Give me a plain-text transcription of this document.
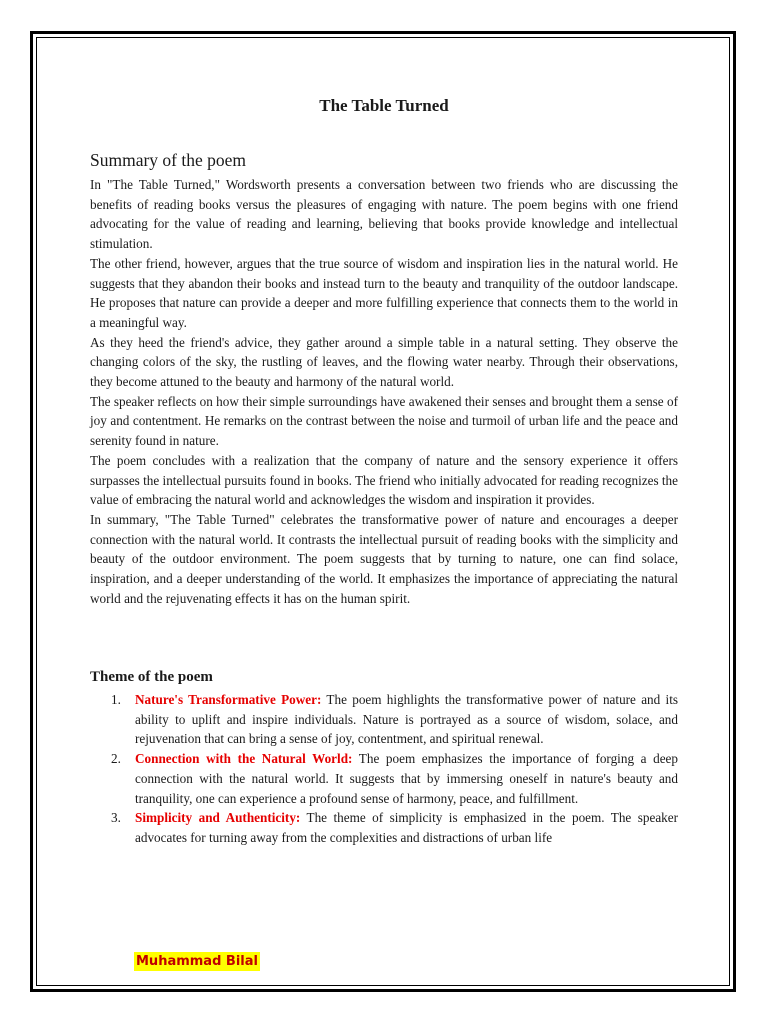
The Table Turned
Summary of the poem

In "The Table Turned," Wordsworth presents a conversation between two friends who are discussing the benefits of reading books versus the pleasures of engaging with nature. The poem begins with one friend advocating for the value of reading and learning, believing that books provide knowledge and intellectual stimulation.

The other friend, however, argues that the true source of wisdom and inspiration lies in the natural world. He suggests that they abandon their books and instead turn to the beauty and tranquility of the outdoor landscape. He proposes that nature can provide a deeper and more fulfilling experience that connects them to the world in a meaningful way.

As they heed the friend's advice, they gather around a simple table in a natural setting. They observe the changing colors of the sky, the rustling of leaves, and the flowing water nearby. Through their observations, they become attuned to the beauty and harmony of the natural world.

The speaker reflects on how their simple surroundings have awakened their senses and brought them a sense of joy and contentment. He remarks on the contrast between the noise and turmoil of urban life and the peace and serenity found in nature.

The poem concludes with a realization that the company of nature and the sensory experience it offers surpasses the intellectual pursuits found in books. The friend who initially advocated for reading recognizes the value of embracing the natural world and acknowledges the wisdom and inspiration it provides.

In summary, "The Table Turned" celebrates the transformative power of nature and encourages a deeper connection with the natural world. It contrasts the intellectual pursuit of reading books with the simplicity and beauty of the outdoor environment. The poem suggests that by turning to nature, one can find solace, inspiration, and a deeper understanding of the world. It emphasizes the importance of appreciating the natural world and the rejuvenating effects it has on the human spirit.

Theme of the poem
1. Nature's Transformative Power: The poem highlights the transformative power of nature and its ability to uplift and inspire individuals. Nature is portrayed as a source of wisdom, solace, and rejuvenation that can bring a sense of joy, contentment, and spiritual renewal.
2. Connection with the Natural World: The poem emphasizes the importance of forging a deep connection with the natural world. It suggests that by immersing oneself in nature's beauty and tranquility, one can experience a profound sense of harmony, peace, and fulfillment.
3. Simplicity and Authenticity: The theme of simplicity is emphasized in the poem. The speaker advocates for turning away from the complexities and distractions of urban life
Muhammad Bilal
